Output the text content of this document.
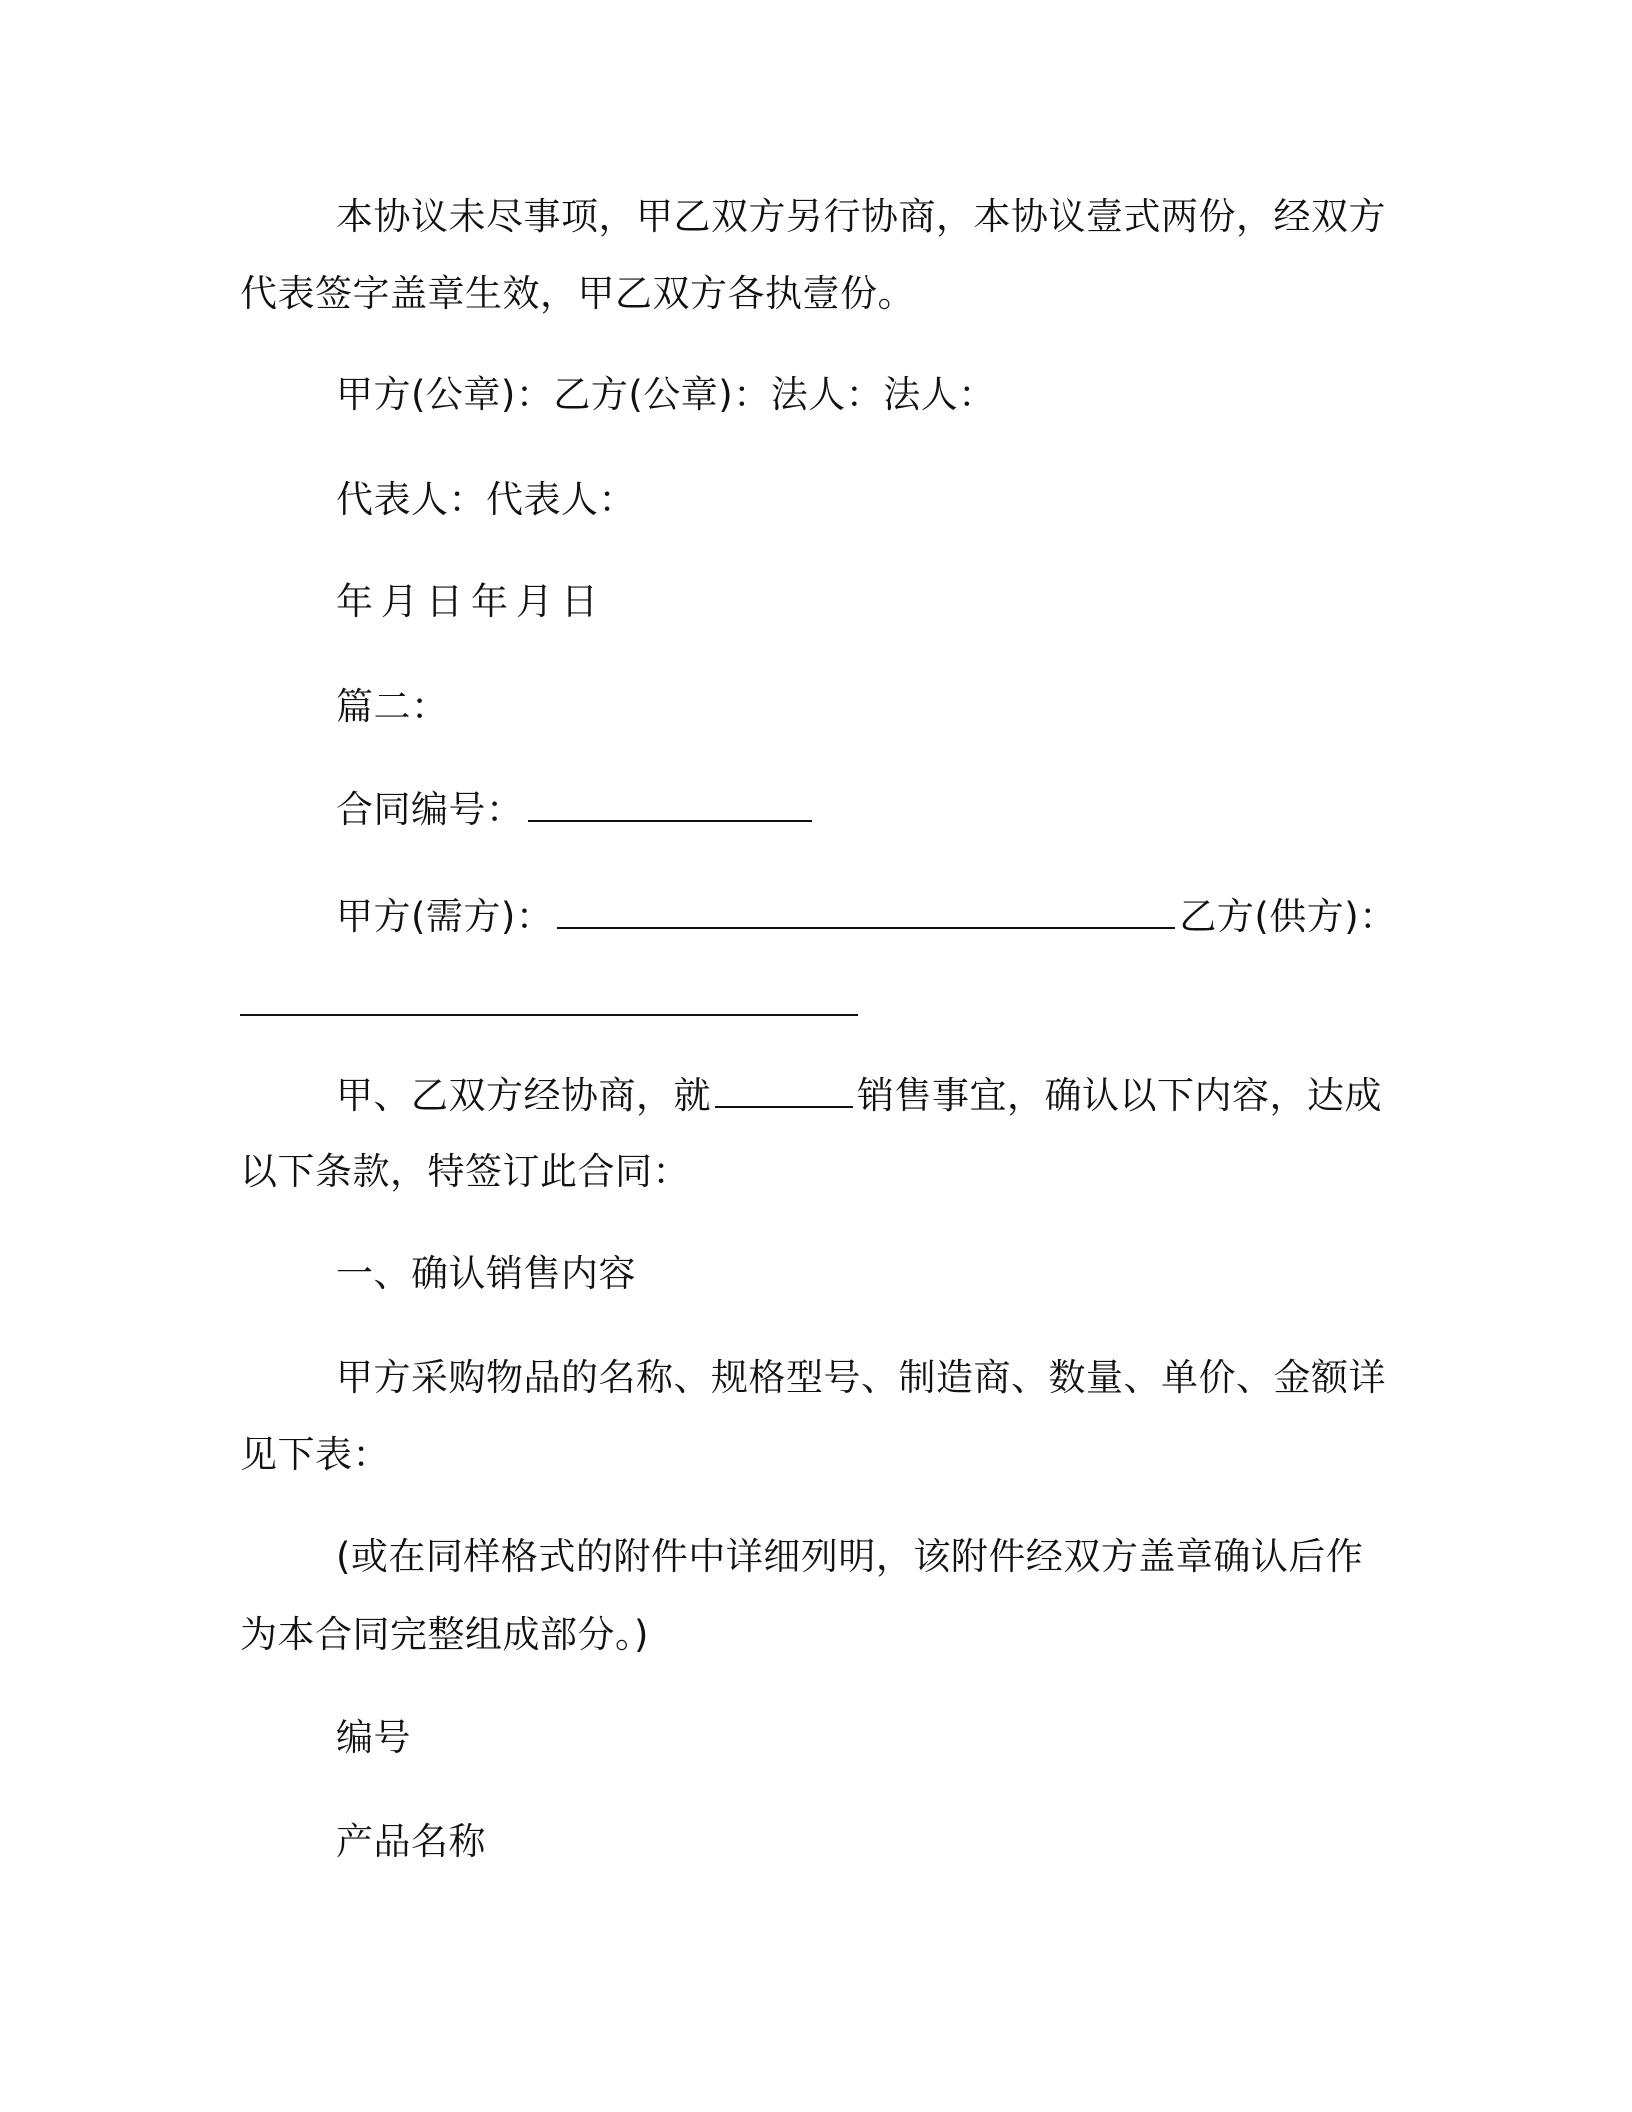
本协议未尽事项，甲乙双方另行协商，本协议壹式两份，经双方
代表签字盖章生效，甲乙双方各执壹份。
甲方(公章)：乙方(公章)：法人：法人：
代表人：代表人：
年月日年月日
篇二：
合同编号：
甲方(需方)：	乙方(供方)：
甲、乙双方经协商，就	销售事宜，确认以下内容，达成
以下条款，特签订此合同：
一、确认销售内容
甲方采购物品的名称、规格型号、制造商、数量、单价、金额详
见下表：
(或在同样格式的附件中详细列明，该附件经双方盖章确认后作
为本合同完整组成部分。)
编号
产品名称
